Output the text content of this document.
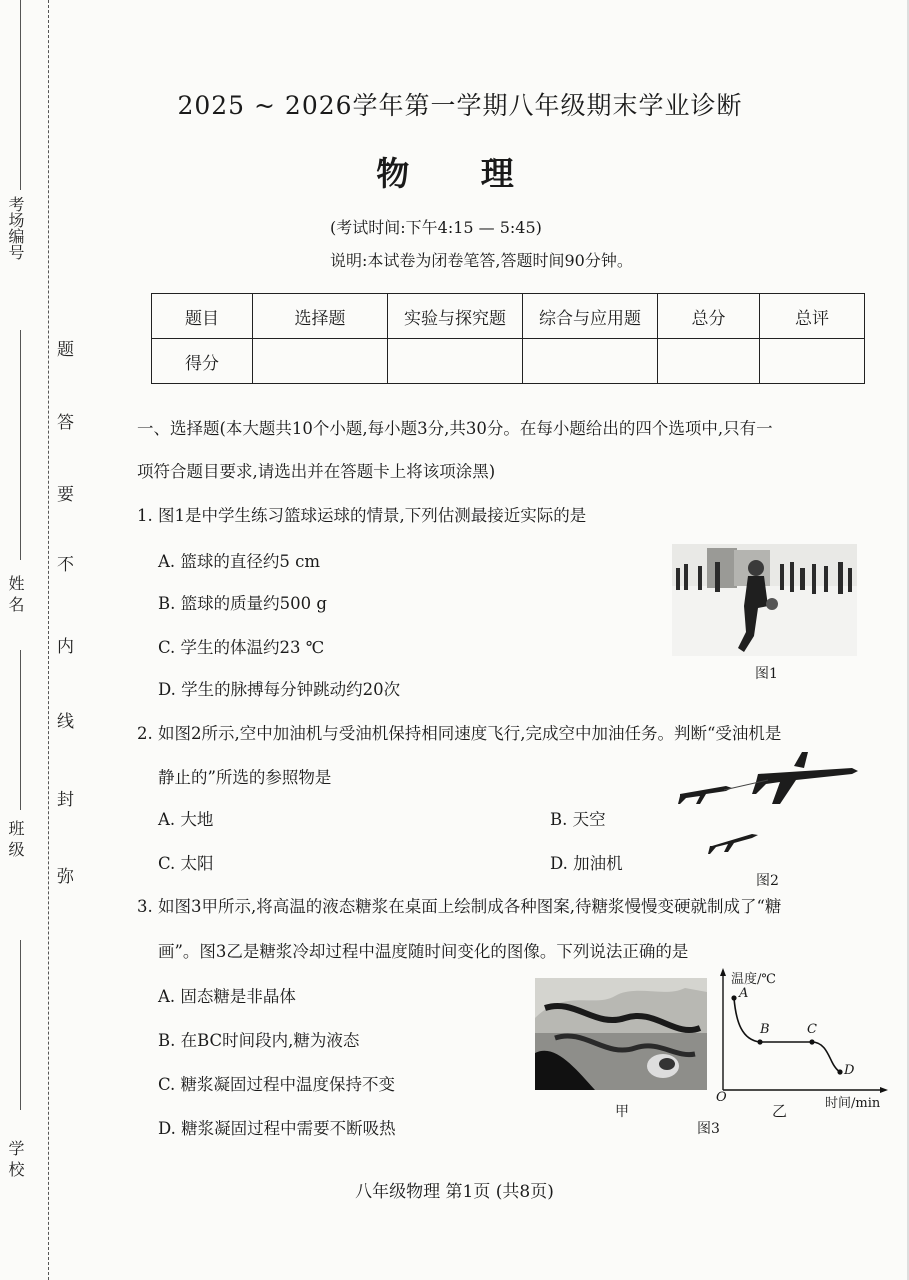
题
答
要
不
内
线
封
弥
考场编号
姓 名
班 级
学 校
2025 ~ 2026学年第一学期八年级期末学业诊断
物 理
(考试时间:下午4:15 — 5:45)
说明:本试卷为闭卷笔答,答题时间90分钟。
题目	选择题	实验与探究题	综合与应用题	总分	总评
得分					
一、选择题(本大题共10个小题,每小题3分,共30分。在每小题给出的四个选项中,只有一
项符合题目要求,请选出并在答题卡上将该项涂黑)
1. 图1是中学生练习篮球运球的情景,下列估测最接近实际的是
A. 篮球的直径约5 cm
B. 篮球的质量约500 g
C. 学生的体温约23 ℃
D. 学生的脉搏每分钟跳动约20次
图1
2. 如图2所示,空中加油机与受油机保持相同速度飞行,完成空中加油任务。判断“受油机是
静止的”所选的参照物是
A. 大地	B. 天空
C. 太阳	D. 加油机
图2
3. 如图3甲所示,将高温的液态糖浆在桌面上绘制成各种图案,待糖浆慢慢变硬就制成了“糖
画”。图3乙是糖浆冷却过程中温度随时间变化的图像。下列说法正确的是
A. 固态糖是非晶体
B. 在BC时间段内,糖为液态
C. 糖浆凝固过程中温度保持不变
D. 糖浆凝固过程中需要不断吸热
甲
温度/℃
A
B	C
D
O	时间/min
乙
图3
八年级物理 第1页 (共8页)
